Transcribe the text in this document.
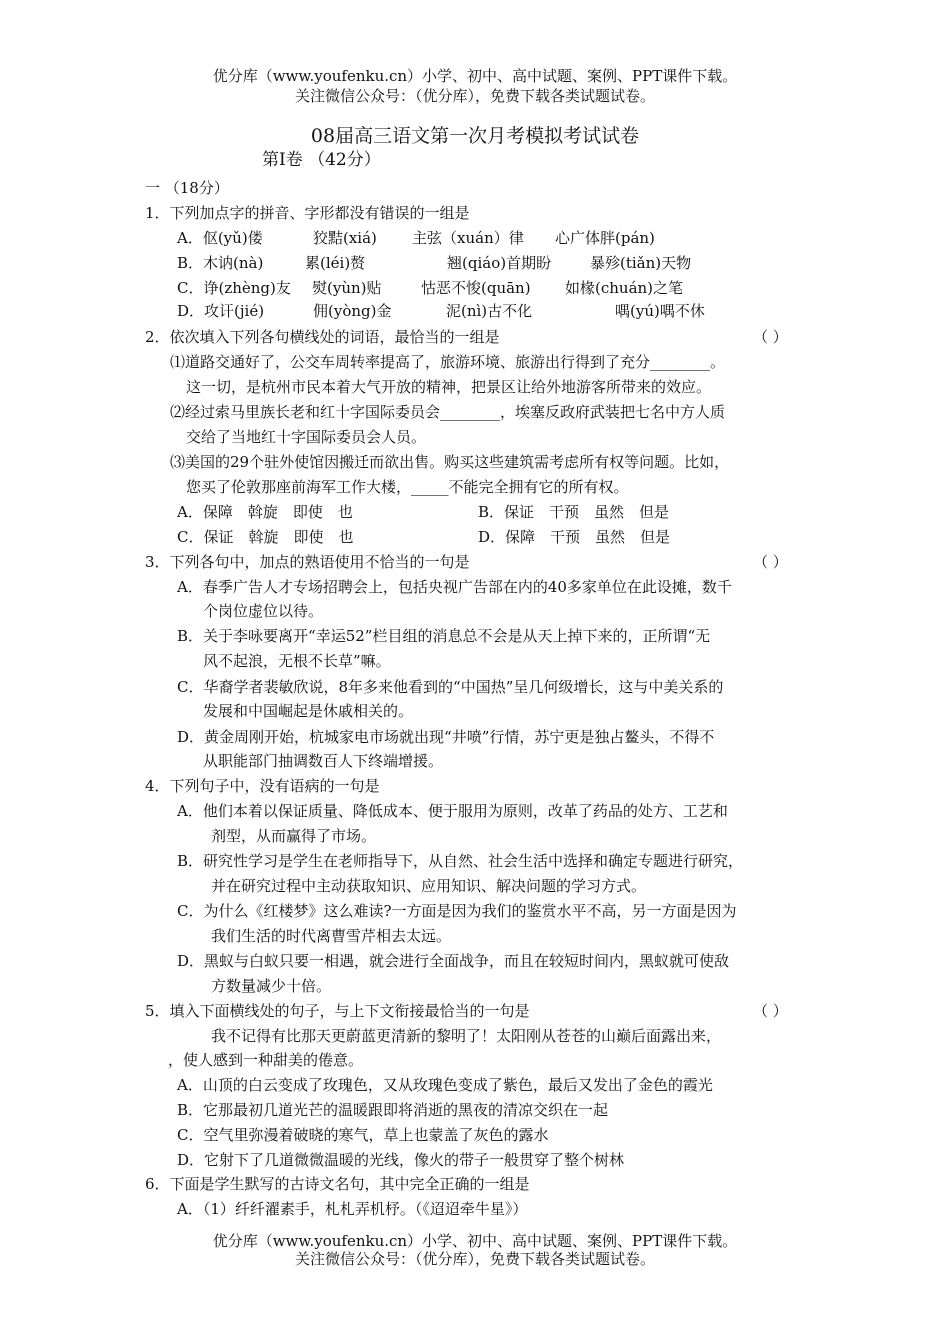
优分库（www.youfenku.cn）小学、初中、高中试题、案例、PPT课件下载。
关注微信公众号：（优分库），免费下载各类试题试卷。
08届高三语文第一次月考模拟考试试卷
第Ⅰ卷 （42分）
一 （18分）
1．下列加点字的拼音、字形都没有错误的一组是
A．伛(yǔ)偻	狡黠(xiá) 主弦（xuán）律 心广体胖(pán)
B．木讷(nà)	累(léi)赘	翘(qiáo)首期盼	暴殄(tiǎn)天物
C．诤(zhèng)友 熨(yùn)贴	怙恶不悛(quān) 如椽(chuán)之笔
D．攻讦(jié)	佣(yòng)金	泥(nì)古不化	喁(yú)喁不休
2．依次填入下列各句横线处的词语，最恰当的一组是	（ ）
⑴道路交通好了，公交车周转率提高了，旅游环境、旅游出行得到了充分________。
这一切，是杭州市民本着大气开放的精神，把景区让给外地游客所带来的效应。
⑵经过索马里族长老和红十字国际委员会________，埃塞反政府武装把七名中方人质
交给了当地红十字国际委员会人员。
⑶美国的29个驻外使馆因搬迁而欲出售。购买这些建筑需考虑所有权等问题。比如，
您买了伦敦那座前海军工作大楼，_____不能完全拥有它的所有权。
A．保障　斡旋　即使　也	B．保证　干预　虽然　但是
C．保证　斡旋　即使　也	D．保障　干预　虽然　但是
3．下列各句中，加点的熟语使用不恰当的一句是	（ ）
A．春季广告人才专场招聘会上，包括央视广告部在内的40多家单位在此设摊，数千
个岗位虚位以待。
B．关于李咏要离开“幸运52”栏目组的消息总不会是从天上掉下来的，正所谓“无
风不起浪，无根不长草”嘛。
C．华裔学者裴敏欣说，8年多来他看到的“中国热”呈几何级增长，这与中美关系的
发展和中国崛起是休戚相关的。
D．黄金周刚开始，杭城家电市场就出现“井喷”行情，苏宁更是独占鳌头，不得不
从职能部门抽调数百人下终端增援。
4．下列句子中，没有语病的一句是
A．他们本着以保证质量、降低成本、便于服用为原则，改革了药品的处方、工艺和
剂型，从而赢得了市场。
B．研究性学习是学生在老师指导下，从自然、社会生活中选择和确定专题进行研究，
并在研究过程中主动获取知识、应用知识、解决问题的学习方式。
C．为什么《红楼梦》这么难读?一方面是因为我们的鉴赏水平不高，另一方面是因为
我们生活的时代离曹雪芹相去太远。
D．黑蚁与白蚁只要一相遇，就会进行全面战争，而且在较短时间内，黑蚁就可使敌
方数量减少十倍。
5．填入下面横线处的句子，与上下文衔接最恰当的一句是	（ ）
我不记得有比那天更蔚蓝更清新的黎明了！太阳刚从苍苍的山巅后面露出来，
，使人感到一种甜美的倦意。
A．山顶的白云变成了玫瑰色，又从玫瑰色变成了紫色，最后又发出了金色的霞光
B．它那最初几道光芒的温暖跟即将消逝的黑夜的清凉交织在一起
C．空气里弥漫着破晓的寒气，草上也蒙盖了灰色的露水
D．它射下了几道微微温暖的光线，像火的带子一般贯穿了整个树林
6．下面是学生默写的古诗文名句，其中完全正确的一组是
A．（1）纤纤濯素手，札札弄机杼。（《迢迢牵牛星》）
优分库（www.youfenku.cn）小学、初中、高中试题、案例、PPT课件下载。
关注微信公众号：（优分库），免费下载各类试题试卷。
